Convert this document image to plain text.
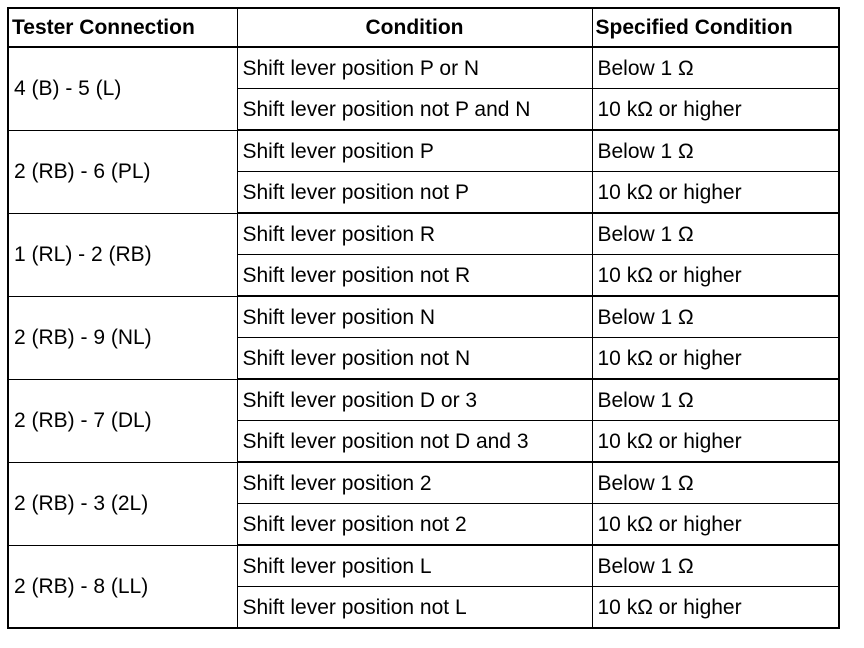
Tester Connection	Condition	Specified Condition
4 (B) - 5 (L)	Shift lever position P or N	Below 1 Ω
	Shift lever position not P and N	10 kΩ or higher
2 (RB) - 6 (PL)	Shift lever position P	Below 1 Ω
	Shift lever position not P	10 kΩ or higher
1 (RL) - 2 (RB)	Shift lever position R	Below 1 Ω
	Shift lever position not R	10 kΩ or higher
2 (RB) - 9 (NL)	Shift lever position N	Below 1 Ω
	Shift lever position not N	10 kΩ or higher
2 (RB) - 7 (DL)	Shift lever position D or 3	Below 1 Ω
	Shift lever position not D and 3	10 kΩ or higher
2 (RB) - 3 (2L)	Shift lever position 2	Below 1 Ω
	Shift lever position not 2	10 kΩ or higher
2 (RB) - 8 (LL)	Shift lever position L	Below 1 Ω
	Shift lever position not L	10 kΩ or higher
